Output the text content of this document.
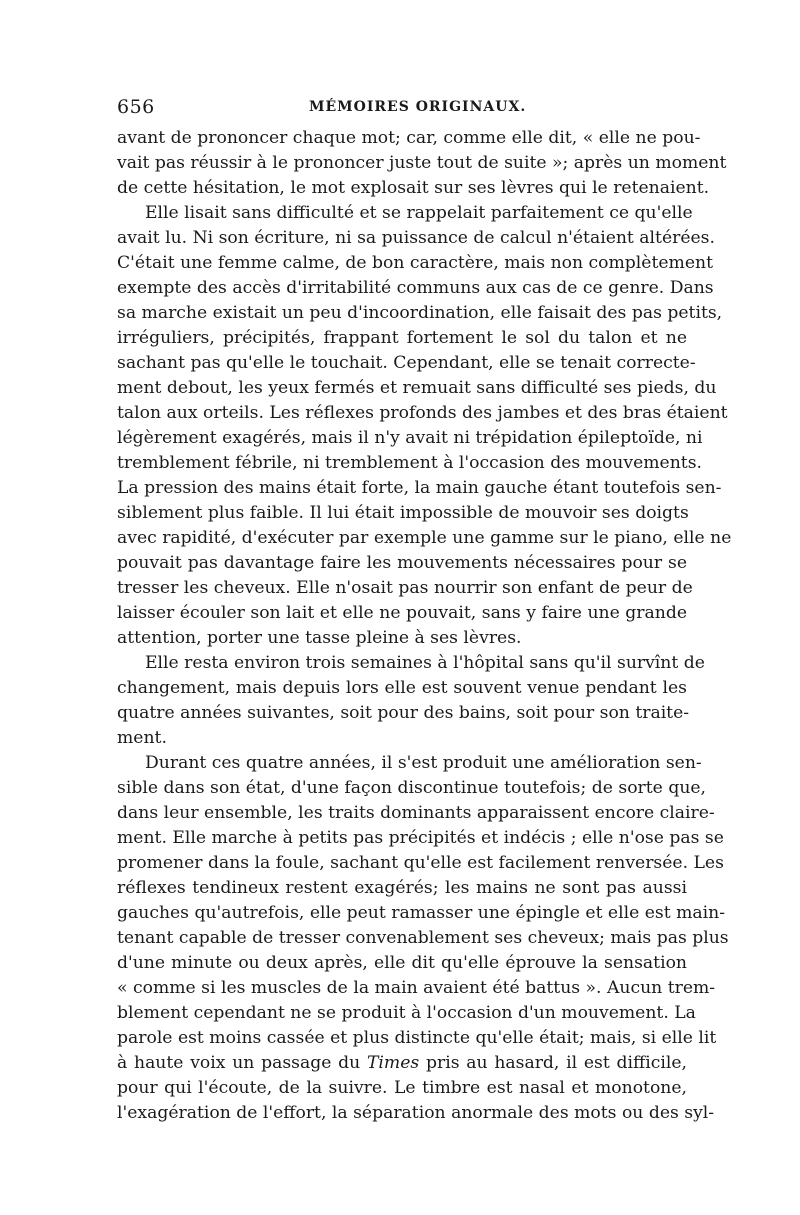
656	MÉMOIRES ORIGINAUX.
avant de prononcer chaque mot; car, comme elle dit, « elle ne pou-
vait pas réussir à le prononcer juste tout de suite »; après un moment
de cette hésitation, le mot explosait sur ses lèvres qui le retenaient.
Elle lisait sans difficulté et se rappelait parfaitement ce qu'elle
avait lu. Ni son écriture, ni sa puissance de calcul n'étaient altérées.
C'était une femme calme, de bon caractère, mais non complètement
exempte des accès d'irritabilité communs aux cas de ce genre. Dans
sa marche existait un peu d'incoordination, elle faisait des pas petits,
irréguliers, précipités, frappant fortement le sol du talon et ne
sachant pas qu'elle le touchait. Cependant, elle se tenait correcte-
ment debout, les yeux fermés et remuait sans difficulté ses pieds, du
talon aux orteils. Les réflexes profonds des jambes et des bras étaient
légèrement exagérés, mais il n'y avait ni trépidation épileptoïde, ni
tremblement fébrile, ni tremblement à l'occasion des mouvements.
La pression des mains était forte, la main gauche étant toutefois sen-
siblement plus faible. Il lui était impossible de mouvoir ses doigts
avec rapidité, d'exécuter par exemple une gamme sur le piano, elle ne
pouvait pas davantage faire les mouvements nécessaires pour se
tresser les cheveux. Elle n'osait pas nourrir son enfant de peur de
laisser écouler son lait et elle ne pouvait, sans y faire une grande
attention, porter une tasse pleine à ses lèvres.
Elle resta environ trois semaines à l'hôpital sans qu'il survînt de
changement, mais depuis lors elle est souvent venue pendant les
quatre années suivantes, soit pour des bains, soit pour son traite-
ment.
Durant ces quatre années, il s'est produit une amélioration sen-
sible dans son état, d'une façon discontinue toutefois; de sorte que,
dans leur ensemble, les traits dominants apparaissent encore claire-
ment. Elle marche à petits pas précipités et indécis ; elle n'ose pas se
promener dans la foule, sachant qu'elle est facilement renversée. Les
réflexes tendineux restent exagérés; les mains ne sont pas aussi
gauches qu'autrefois, elle peut ramasser une épingle et elle est main-
tenant capable de tresser convenablement ses cheveux; mais pas plus
d'une minute ou deux après, elle dit qu'elle éprouve la sensation
« comme si les muscles de la main avaient été battus ». Aucun trem-
blement cependant ne se produit à l'occasion d'un mouvement. La
parole est moins cassée et plus distincte qu'elle était; mais, si elle lit
à haute voix un passage du Times pris au hasard, il est difficile,
pour qui l'écoute, de la suivre. Le timbre est nasal et monotone,
l'exagération de l'effort, la séparation anormale des mots ou des syl-
